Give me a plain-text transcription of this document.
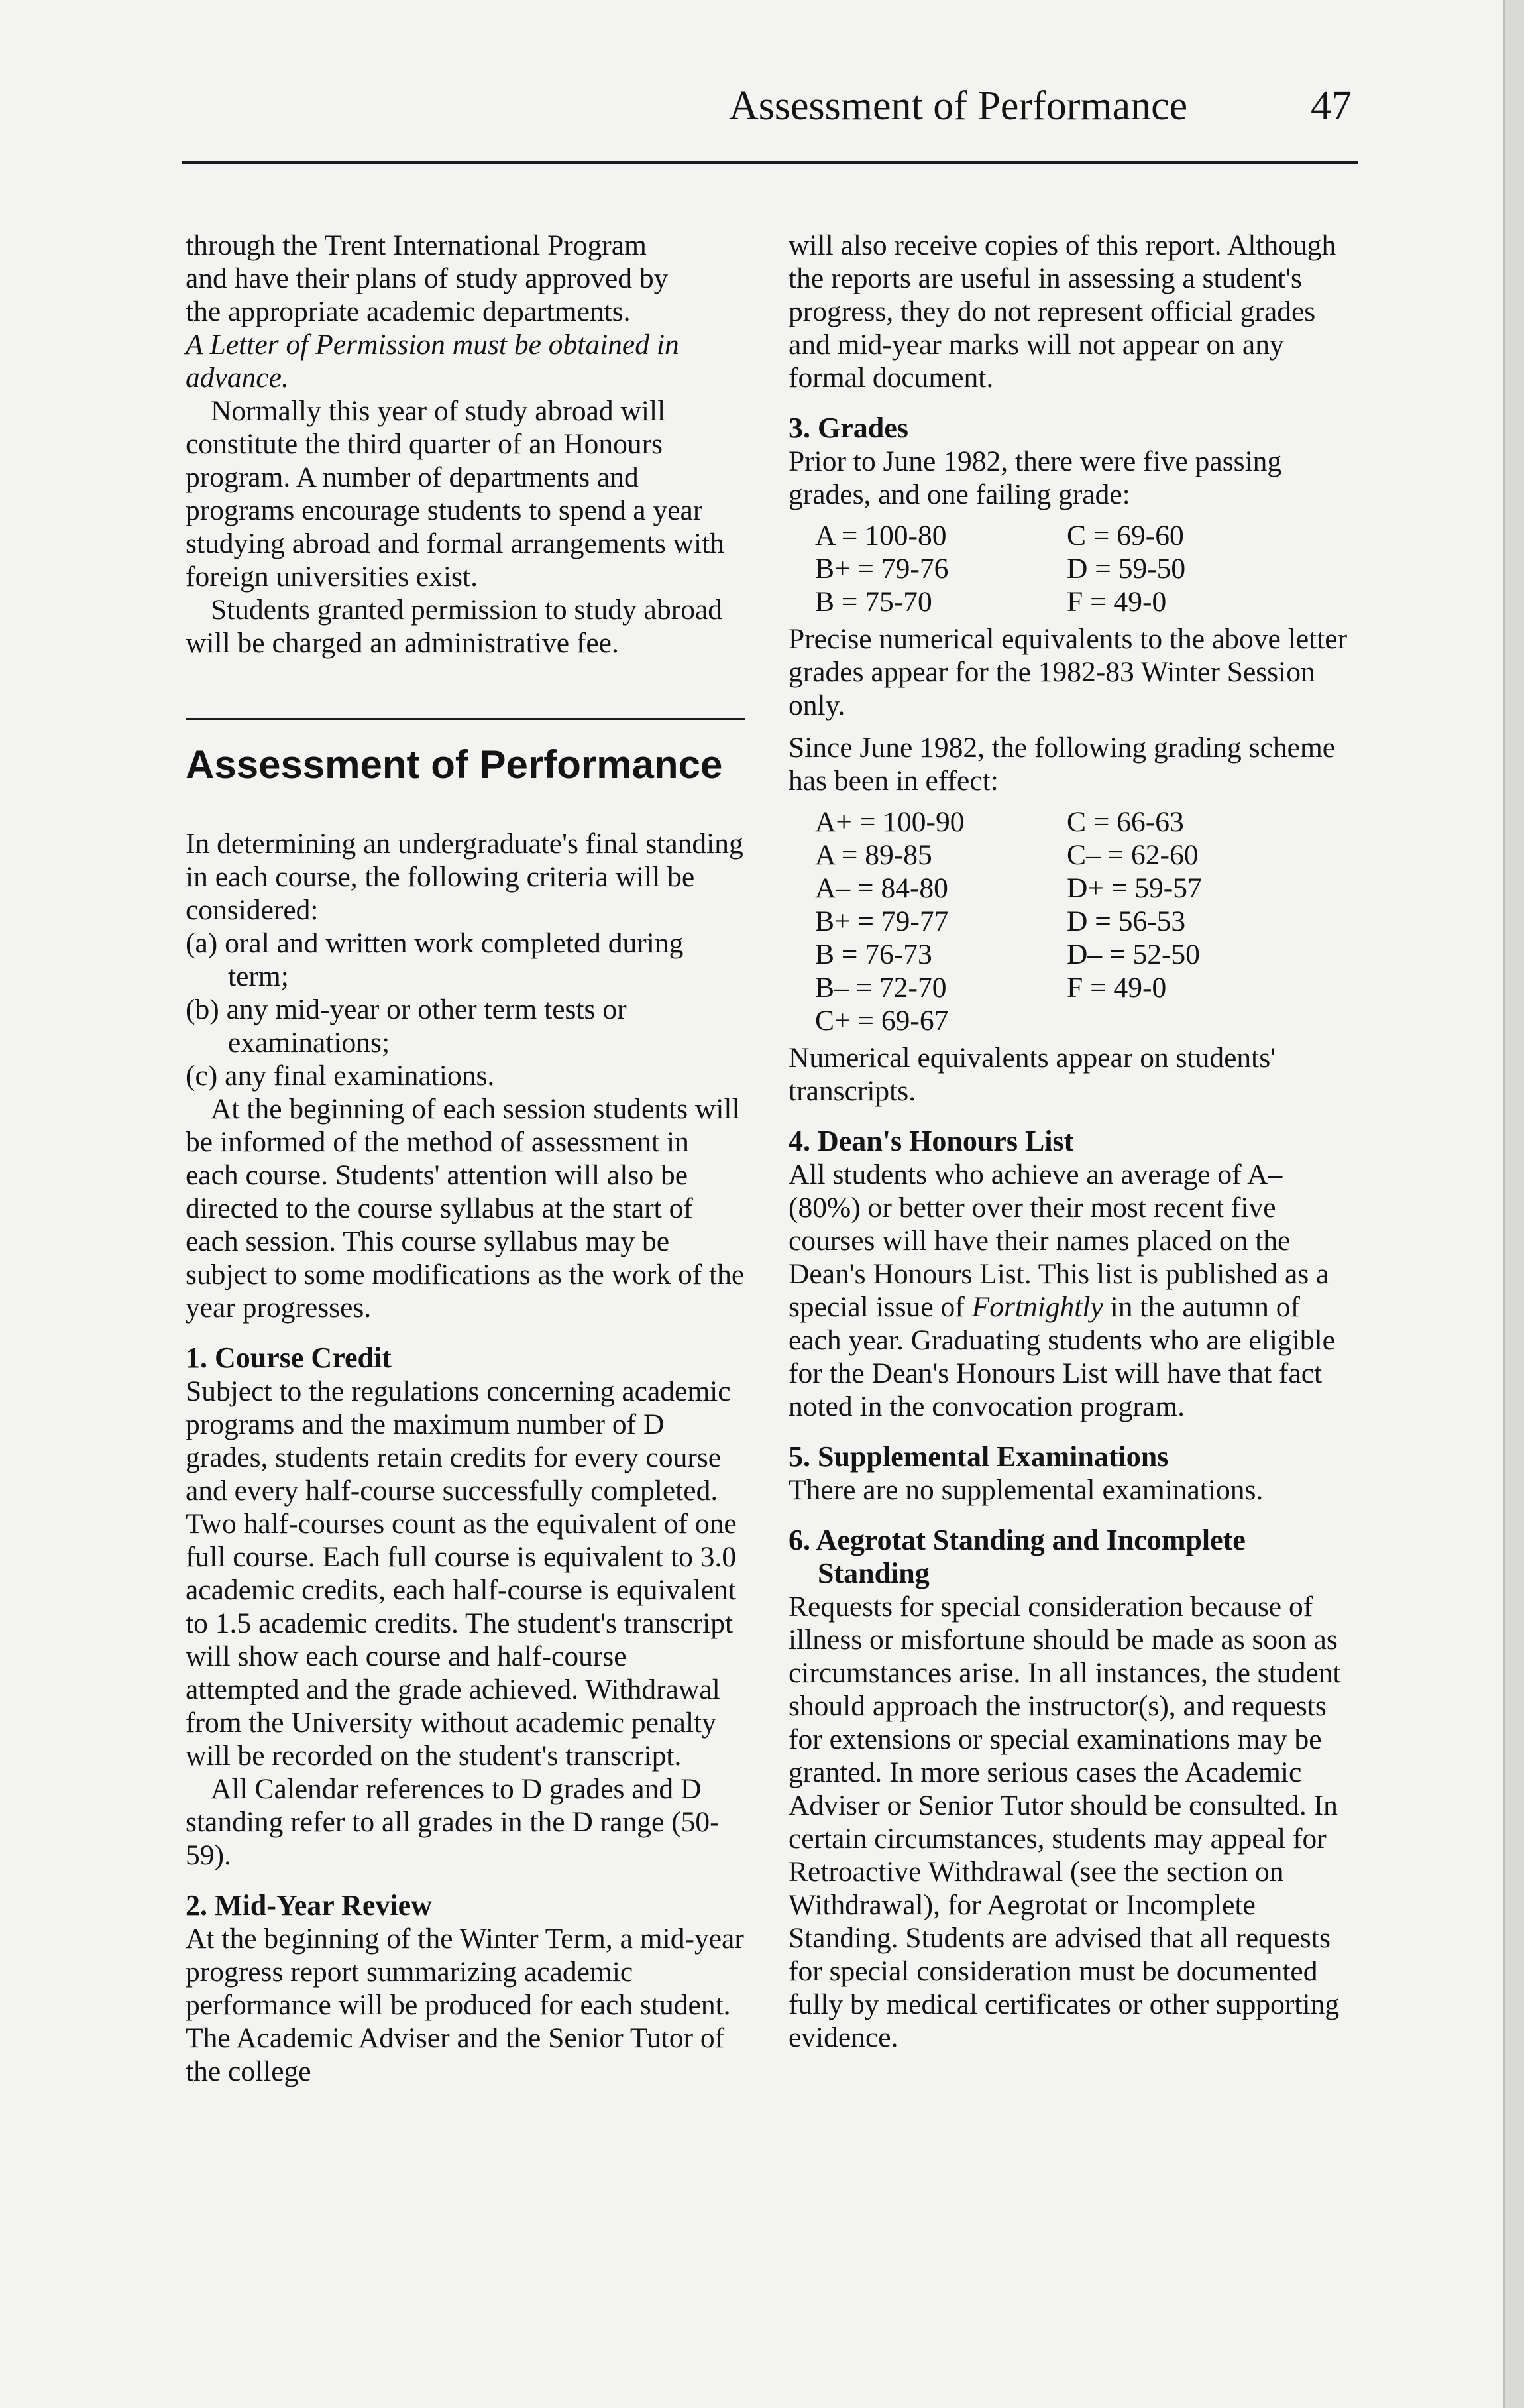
Assessment of Performance	47

through the Trent International Program

and have their plans of study approved by

the appropriate academic departments.

A Letter of Permission must be obtained in advance.

Normally this year of study abroad will constitute the third quarter of an Honours program. A number of departments and programs encourage students to spend a year studying abroad and formal arrangements with foreign universities exist.

Students granted permission to study abroad will be charged an administrative fee.

Assessment of Performance

In determining an undergraduate's final standing in each course, the following criteria will be considered:

(a) oral and written work completed during term;

(b) any mid-year or other term tests or examinations;

(c) any final examinations.

At the beginning of each session students will be informed of the method of assessment in each course. Students' attention will also be directed to the course syllabus at the start of each session. This course syllabus may be subject to some modifications as the work of the year progresses.

1. Course Credit

Subject to the regulations concerning academic programs and the maximum number of D grades, students retain credits for every course and every half-course successfully completed. Two half-courses count as the equivalent of one full course. Each full course is equivalent to 3.0 academic credits, each half-course is equivalent to 1.5 academic credits. The student's transcript will show each course and half-course attempted and the grade achieved. Withdrawal from the University without academic penalty will be recorded on the student's transcript.

All Calendar references to D grades and D standing refer to all grades in the D range (50-59).

2. Mid-Year Review

At the beginning of the Winter Term, a mid-year progress report summarizing academic performance will be produced for each student. The Academic Adviser and the Senior Tutor of the college

will also receive copies of this report. Although the reports are useful in assessing a student's progress, they do not represent official grades and mid-year marks will not appear on any formal document.

3. Grades

Prior to June 1982, there were five passing grades, and one failing grade:

A = 100-80	C = 69-60
B+ = 79-76	D = 59-50
B = 75-70	F = 49-0

Precise numerical equivalents to the above letter grades appear for the 1982-83 Winter Session only.

Since June 1982, the following grading scheme has been in effect:

A+ = 100-90	C = 66-63
A = 89-85	C– = 62-60
A– = 84-80	D+ = 59-57
B+ = 79-77	D = 56-53
B = 76-73	D– = 52-50
B– = 72-70	F = 49-0
C+ = 69-67	

Numerical equivalents appear on students' transcripts.

4. Dean's Honours List

All students who achieve an average of A– (80%) or better over their most recent five courses will have their names placed on the Dean's Honours List. This list is published as a special issue of Fortnightly in the autumn of each year. Graduating students who are eligible for the Dean's Honours List will have that fact noted in the convocation program.

5. Supplemental Examinations

There are no supplemental examinations.

6. Aegrotat Standing and Incomplete Standing

Requests for special consideration because of illness or misfortune should be made as soon as circumstances arise. In all instances, the student should approach the instructor(s), and requests for extensions or special examinations may be granted. In more serious cases the Academic Adviser or Senior Tutor should be consulted. In certain circumstances, students may appeal for Retroactive Withdrawal (see the section on Withdrawal), for Aegrotat or Incomplete Standing. Students are advised that all requests for special consideration must be documented fully by medical certificates or other supporting evidence.
